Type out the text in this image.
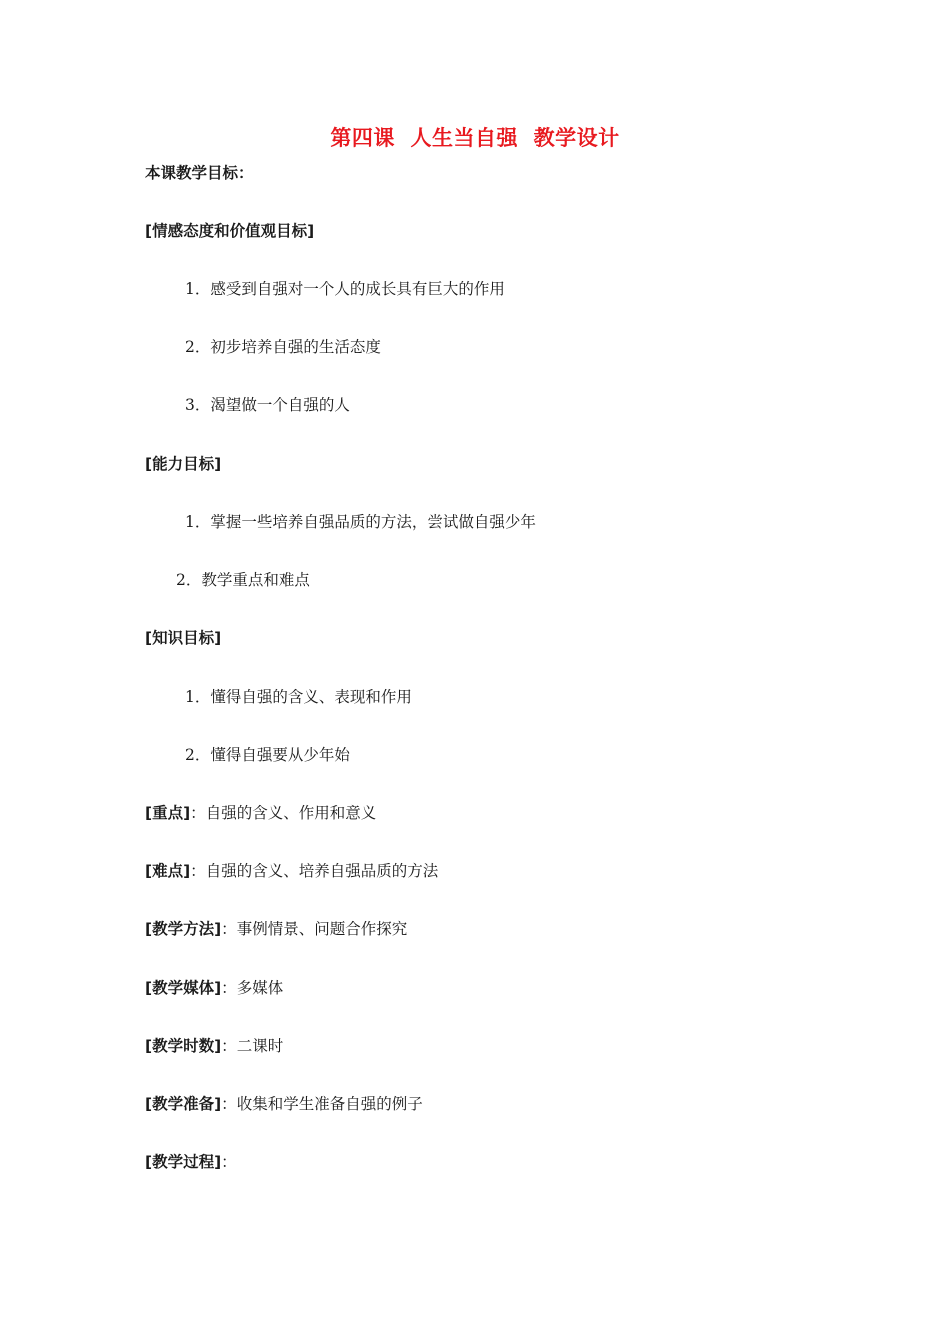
第四课  人生当自强  教学设计
本课教学目标：
[情感态度和价值观目标]
1．感受到自强对一个人的成长具有巨大的作用
2．初步培养自强的生活态度
3．渴望做一个自强的人
[能力目标]
1．掌握一些培养自强品质的方法，尝试做自强少年
2．教学重点和难点
[知识目标]
1．懂得自强的含义、表现和作用
2．懂得自强要从少年始
[重点]：自强的含义、作用和意义
[难点]：自强的含义、培养自强品质的方法
[教学方法]：事例情景、问题合作探究
[教学媒体]：多媒体
[教学时数]：二课时
[教学准备]：收集和学生准备自强的例子
[教学过程]：
